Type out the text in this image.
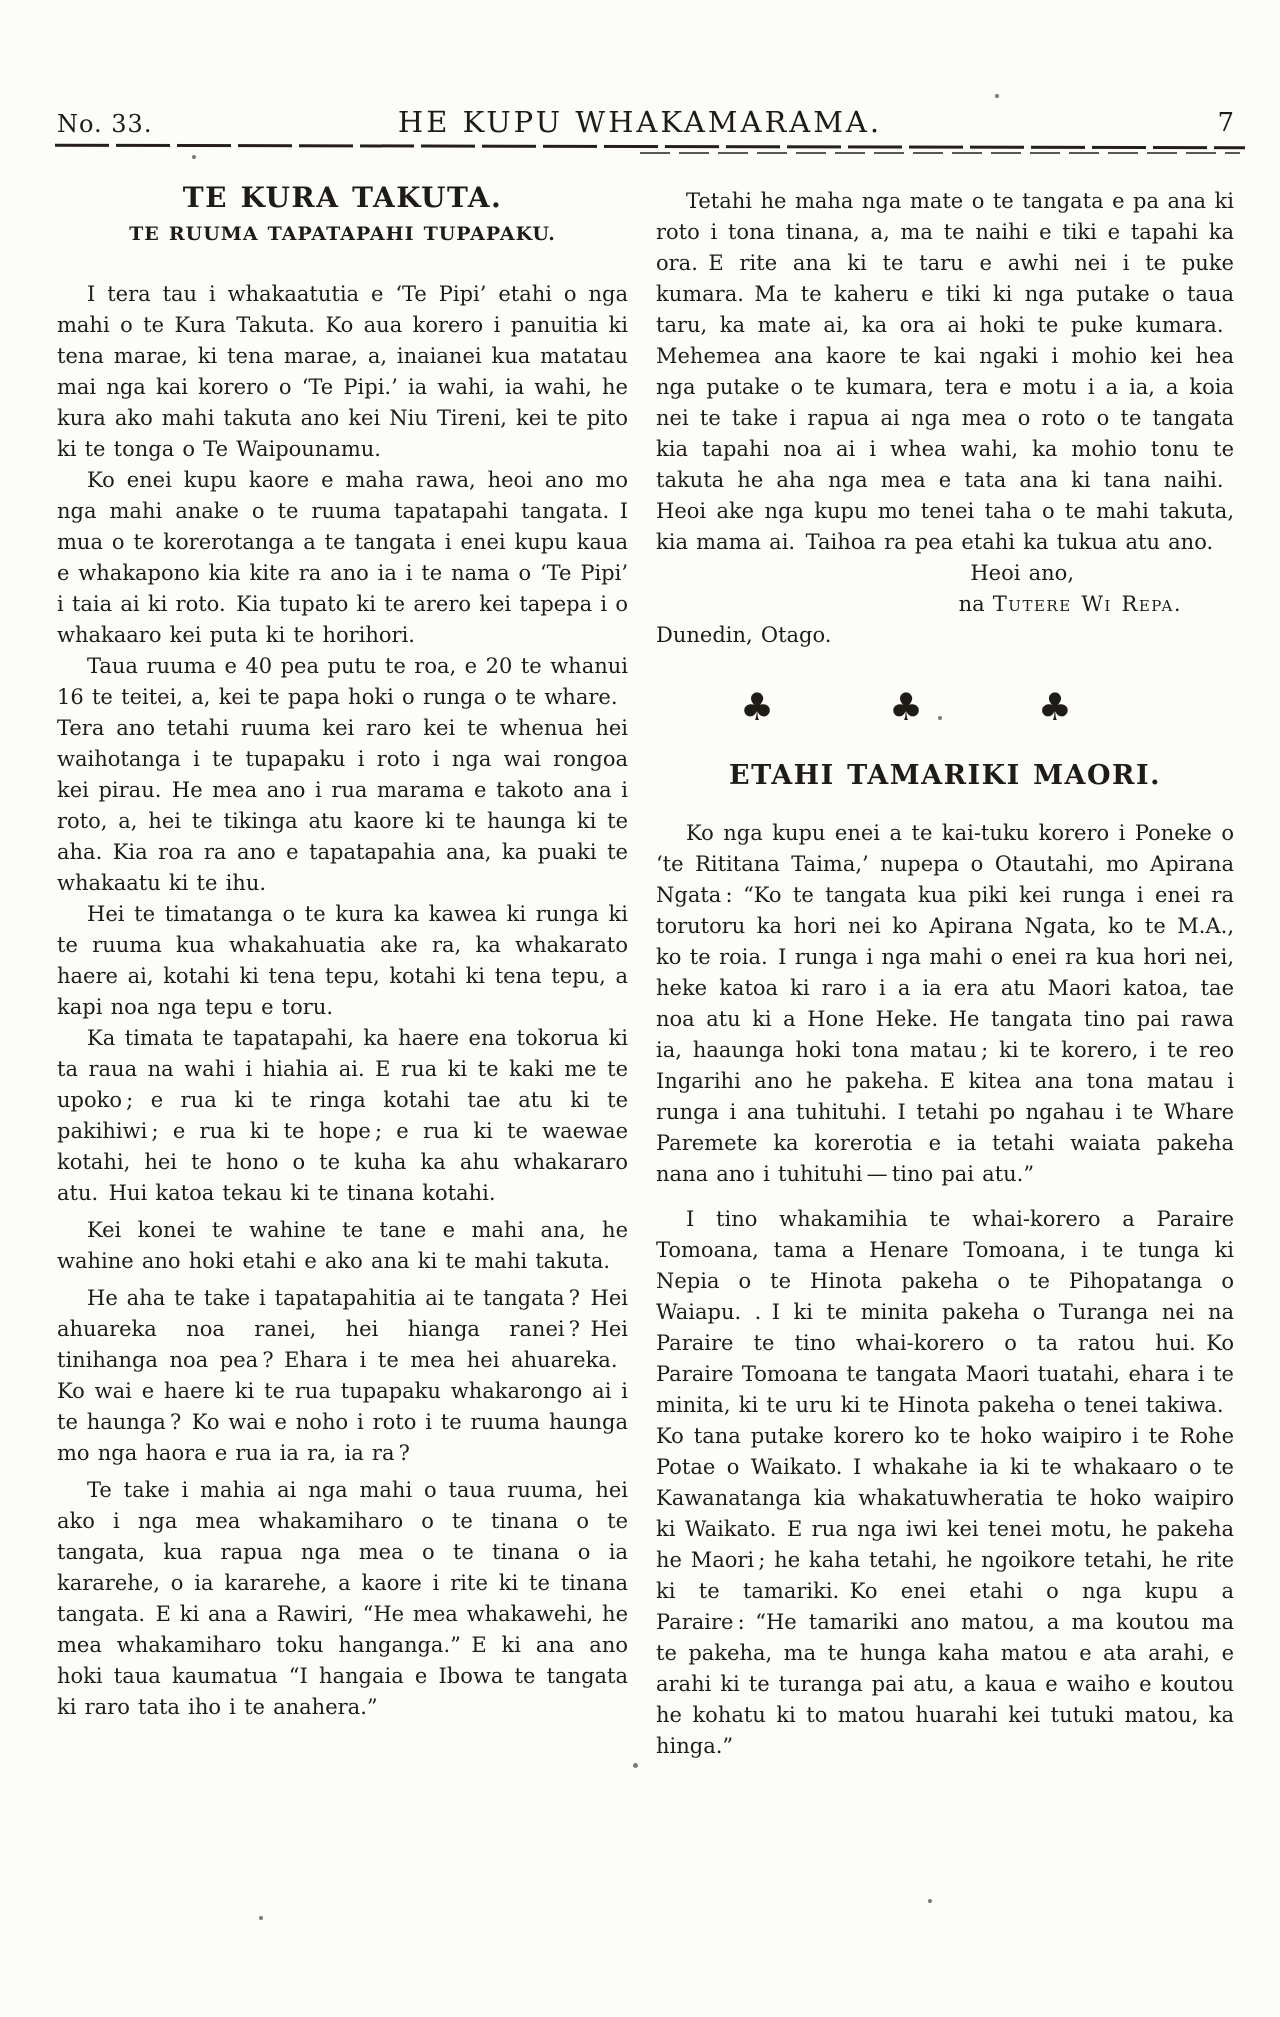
No. 33.	HE KUPU WHAKAMARAMA.	7
TE KURA TAKUTA.
TE RUUMA TAPATAPAHI TUPAPAKU.

I tera tau i whakaatutia e ‘Te Pipi’ etahi o nga mahi o te Kura Takuta. Ko aua korero i panuitia ki tena marae, ki tena marae, a, inaianei kua matatau mai nga kai korero o ‘Te Pipi.’ ia wahi, ia wahi, he kura ako mahi takuta ano kei Niu Tireni, kei te pito ki te tonga o Te Waipounamu.

Ko enei kupu kaore e maha rawa, heoi ano mo nga mahi anake o te ruuma tapatapahi tangata. I mua o te korerotanga a te tangata i enei kupu kaua e whakapono kia kite ra ano ia i te nama o ‘Te Pipi’ i taia ai ki roto. Kia tupato ki te arero kei tapepa i o whakaaro kei puta ki te horihori.

Taua ruuma e 40 pea putu te roa, e 20 te whanui 16 te teitei, a, kei te papa hoki o runga o te whare. Tera ano tetahi ruuma kei raro kei te whenua hei waihotanga i te tupapaku i roto i nga wai rongoa kei pirau. He mea ano i rua marama e takoto ana i roto, a, hei te tikinga atu kaore ki te haunga ki te aha. Kia roa ra ano e tapatapahia ana, ka puaki te whakaatu ki te ihu.

Hei te timatanga o te kura ka kawea ki runga ki te ruuma kua whakahuatia ake ra, ka whakarato haere ai, kotahi ki tena tepu, kotahi ki tena tepu, a kapi noa nga tepu e toru.

Ka timata te tapatapahi, ka haere ena tokorua ki ta raua na wahi i hiahia ai. E rua ki te kaki me te upoko ; e rua ki te ringa kotahi tae atu ki te pakihiwi ; e rua ki te hope ; e rua ki te waewae kotahi, hei te hono o te kuha ka ahu whakararo atu. Hui katoa tekau ki te tinana kotahi.

Kei konei te wahine te tane e mahi ana, he wahine ano hoki etahi e ako ana ki te mahi takuta.

He aha te take i tapatapahitia ai te tangata ? Hei ahuareka noa ranei, hei hianga ranei ? Hei tinihanga noa pea ? Ehara i te mea hei ahuareka. Ko wai e haere ki te rua tupapaku whakarongo ai i te haunga ? Ko wai e noho i roto i te ruuma haunga mo nga haora e rua ia ra, ia ra ?

Te take i mahia ai nga mahi o taua ruuma, hei ako i nga mea whakamiharo o te tinana o te tangata, kua rapua nga mea o te tinana o ia kararehe, o ia kararehe, a kaore i rite ki te tinana tangata. E ki ana a Rawiri, “He mea whakawehi, he mea whakamiharo toku hanganga.” E ki ana ano hoki taua kaumatua “I hangaia e Ibowa te tangata ki raro tata iho i te anahera.”

Tetahi he maha nga mate o te tangata e pa ana ki roto i tona tinana, a, ma te naihi e tiki e tapahi ka ora. E rite ana ki te taru e awhi nei i te puke kumara. Ma te kaheru e tiki ki nga putake o taua taru, ka mate ai, ka ora ai hoki te puke kumara. Mehemea ana kaore te kai ngaki i mohio kei hea nga putake o te kumara, tera e motu i a ia, a koia nei te take i rapua ai nga mea o roto o te tangata kia tapahi noa ai i whea wahi, ka mohio tonu te takuta he aha nga mea e tata ana ki tana naihi. Heoi ake nga kupu mo tenei taha o te mahi takuta, kia mama ai. Taihoa ra pea etahi ka tukua atu ano.

Heoi ano,

na Tutere Wi Repa.

Dunedin, Otago.

♣	♣	♣
ETAHI TAMARIKI MAORI.

Ko nga kupu enei a te kai-tuku korero i Poneke o ‘te Rititana Taima,’ nupepa o Otautahi, mo Apirana Ngata : “Ko te tangata kua piki kei runga i enei ra torutoru ka hori nei ko Apirana Ngata, ko te M.A., ko te roia. I runga i nga mahi o enei ra kua hori nei, heke katoa ki raro i a ia era atu Maori katoa, tae noa atu ki a Hone Heke. He tangata tino pai rawa ia, haaunga hoki tona matau ; ki te korero, i te reo Ingarihi ano he pakeha. E kitea ana tona matau i runga i ana tuhituhi. I tetahi po ngahau i te Whare Paremete ka korerotia e ia tetahi waiata pakeha nana ano i tuhituhi — tino pai atu.”

I tino whakamihia te whai-korero a Paraire Tomoana, tama a Henare Tomoana, i te tunga ki Nepia o te Hinota pakeha o te Pihopatanga o Waiapu. . I ki te minita pakeha o Turanga nei na Paraire te tino whai-korero o ta ratou hui. Ko Paraire Tomoana te tangata Maori tuatahi, ehara i te minita, ki te uru ki te Hinota pakeha o tenei takiwa. Ko tana putake korero ko te hoko waipiro i te Rohe Potae o Waikato. I whakahe ia ki te whakaaro o te Kawanatanga kia whakatuwheratia te hoko waipiro ki Waikato. E rua nga iwi kei tenei motu, he pakeha he Maori ; he kaha tetahi, he ngoikore tetahi, he rite ki te tamariki. Ko enei etahi o nga kupu a Paraire : “He tamariki ano matou, a ma koutou ma te pakeha, ma te hunga kaha matou e ata arahi, e arahi ki te turanga pai atu, a kaua e waiho e koutou he kohatu ki to matou huarahi kei tutuki matou, ka hinga.”
